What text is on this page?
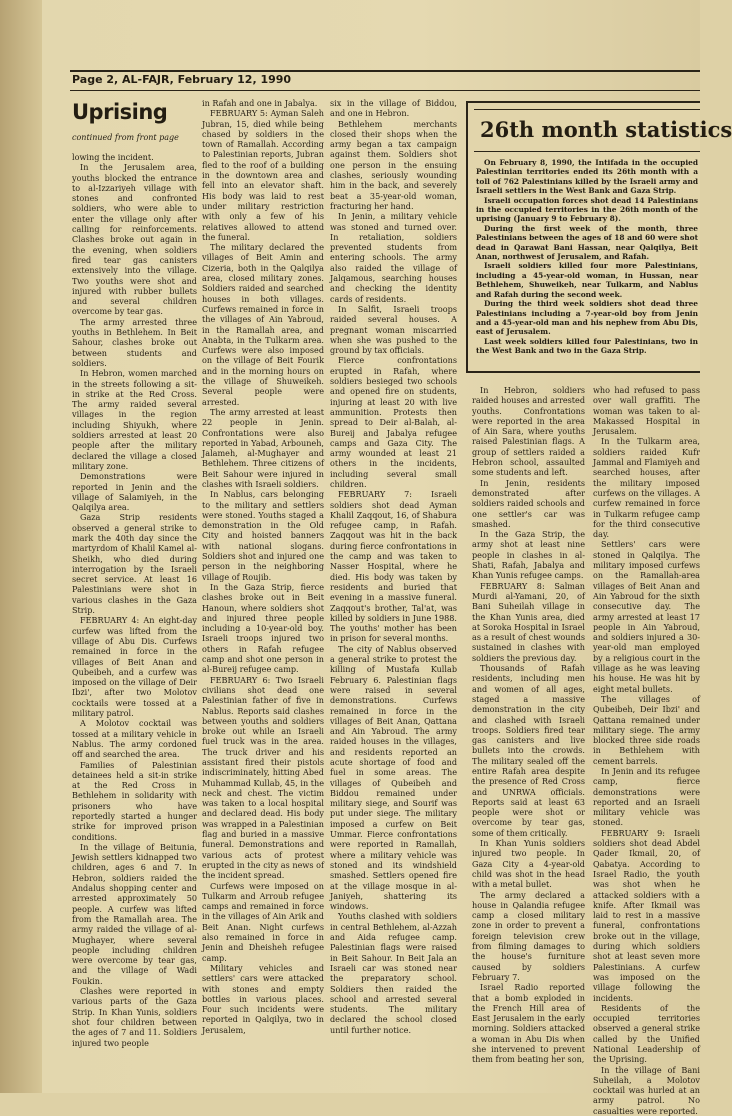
Page 2, AL-FAJR, February 12, 1990
Uprising
continued from front page

lowing the incident.

In the Jerusalem area, youths blocked the entrance to al-Izzariyeh village with stones and confronted soldiers, who were able to enter the village only after calling for reinforcements. Clashes broke out again in the evening, when soldiers fired tear gas canisters extensively into the village. Two youths were shot and injured with rubber bullets and several children overcome by tear gas.

The army arrested three youths in Bethlehem. In Beit Sahour, clashes broke out between students and soldiers.

In Hebron, women marched in the streets following a sit-in strike at the Red Cross. The army raided several villages in the region including Shiyukh, where soldiers arrested at least 20 people after the military declared the village a closed military zone.

Demonstrations were reported in Jenin and the village of Salamiyeh, in the Qalqilya area.

Gaza Strip residents observed a general strike to mark the 40th day since the martyrdom of Khalil Kamel al-Sheikh, who died during interrogation by the Israeli secret service. At least 16 Palestinians were shot in various clashes in the Gaza Strip.

FEBRUARY 4: An eight-day curfew was lifted from the village of Abu Dis. Curfews remained in force in the villages of Beit Anan and Qubeibeh, and a curfew was imposed on the village of Deir Ibzi', after two Molotov cocktails were tossed at a military patrol.

A Molotov cocktail was tossed at a military vehicle in Nablus. The army cordoned off and searched the area.

Families of Palestinian detainees held a sit-in strike at the Red Cross in Bethlehem in solidarity with prisoners who have reportedly started a hunger strike for improved prison conditions.

In the village of Beitunia, Jewish settlers kidnapped two children, ages 6 and 7. In Hebron, soldiers raided the Andalus shopping center and arrested approximately 50 people. A curfew was lifted from the Ramallah area. The army raided the village of al-Mughayer, where several people including children were overcome by tear gas, and the village of Wadi Foukin.

Clashes were reported in various parts of the Gaza Strip. In Khan Yunis, soldiers shot four children between the ages of 7 and 11. Soldiers injured two people

in Rafah and one in Jabalya.

FEBRUARY 5: Ayman Saleh Jubran, 15, died while being chased by soldiers in the town of Ramallah. According to Palestinian reports, Jubran fled to the roof of a building in the downtown area and fell into an elevator shaft. His body was laid to rest under military restriction with only a few of his relatives allowed to attend the funeral.

The military declared the villages of Beit Amin and Cizeria, both in the Qalqilya area, closed military zones. Soldiers raided and searched houses in both villages. Curfews remained in force in the villages of Ain Yabroud, in the Ramallah area, and Anabta, in the Tulkarm area. Curfews were also imposed on the village of Beit Fourik and in the morning hours on the village of Shuweikeh. Several people were arrested.

The army arrested at least 22 people in Jenin. Confrontations were also reported in Yabad, Arbouneh, Jalameh, al-Mughayer and Bethlehem. Three citizens of Beit Sahour were injured in clashes with Israeli soldiers.

In Nablus, cars belonging to the military and settlers were stoned. Youths staged a demonstration in the Old City and hoisted banners with national slogans. Soldiers shot and injured one person in the neighboring village of Roujib.

In the Gaza Strip, fierce clashes broke out in Beit Hanoun, where soldiers shot and injured three people including a 10-year-old boy. Israeli troops injured two others in Rafah refugee camp and shot one person in al-Bureij refugee camp.

FEBRUARY 6: Two Israeli civilians shot dead one Palestinian father of five in Nablus. Reports said clashes between youths and soldiers broke out while an Israeli fuel truck was in the area. The truck driver and his assistant fired their pistols indiscriminately, hitting Abed Muhammad Kullab, 45, in the neck and chest. The victim was taken to a local hospital and declared dead. His body was wrapped in a Palestinian flag and buried in a massive funeral. Demonstrations and various acts of protest erupted in the city as news of the incident spread.

Curfews were imposed on Tulkarm and Arroub refugee camps and remained in force in the villages of Ain Arik and Beit Anan. Night curfews also remained in force in Jenin and Dheisheh refugee camp.

Military vehicles and settlers' cars were attacked with stones and empty bottles in various places. Four such incidents were reported in Qalqilya, two in Jerusalem,

six in the village of Biddou, and one in Hebron.

Bethlehem merchants closed their shops when the army began a tax campaign against them. Soldiers shot one person in the ensuing clashes, seriously wounding him in the back, and severely beat a 35-year-old woman, fracturing her hand.

In Jenin, a military vehicle was stoned and turned over. In retaliation, soldiers prevented students from entering schools. The army also raided the village of Jalqamous, searching houses and checking the identity cards of residents.

In Salfit, Israeli troops raided several houses. A pregnant woman miscarried when she was pushed to the ground by tax officials.

Fierce confrontations erupted in Rafah, where soldiers besieged two schools and opened fire on students, injuring at least 20 with live ammunition. Protests then spread to Deir al-Balah, al-Bureij and Jabalya refugee camps and Gaza City. The army wounded at least 21 others in the incidents, including several small children.

FEBRUARY 7: Israeli soldiers shot dead Ayman Khalil Zaqqout, 16, of Shabura refugee camp, in Rafah. Zaqqout was hit in the back during fierce confrontations in the camp and was taken to Nasser Hospital, where he died. His body was taken by residents and buried that evening in a massive funeral. Zaqqout's brother, Tal'at, was killed by soldiers in June 1988. The youths' mother has been in prison for several months.

The city of Nablus observed a general strike to protest the killing of Mustafa Kullab February 6. Palestinian flags were raised in several demonstrations. Curfews remained in force in the villages of Beit Anan, Qattana and Ain Yabroud. The army raided houses in the villages, and residents reported an acute shortage of food and fuel in some areas. The villages of Qubeibeh and Biddou remained under military siege, and Sourif was put under siege. The military imposed a curfew on Beit Ummar. Fierce confrontations were reported in Ramallah, where a military vehicle was stoned and its windshield smashed. Settlers opened fire at the village mosque in al-Janiyeh, shattering its windows.

Youths clashed with soldiers in central Bethlehem, al-Azzah and Aida refugee camp. Palestinian flags were raised in Beit Sahour. In Beit Jala an Israeli car was stoned near the preparatory school. Soldiers then raided the school and arrested several students. The military declared the school closed until further notice.

26th month statistics

On February 8, 1990, the Intifada in the occupied Palestinian territories ended its 26th month with a toll of 762 Palestinians killed by the Israeli army and Israeli settlers in the West Bank and Gaza Strip.

Israeli occupation forces shot dead 14 Palestinians in the occupied territories in the 26th month of the uprising (January 9 to February 8).

During the first week of the month, three Palestinians between the ages of 18 and 60 were shot dead in Qarawat Bani Hassan, near Qalqilya, Beit Anan, northwest of Jerusalem, and Rafah.

Israeli soldiers killed four more Palestinians, including a 45-year-old woman, in Hussan, near Bethlehem, Shuweikeh, near Tulkarm, and Nablus and Rafah during the second week.

During the third week soldiers shot dead three Palestinians including a 7-year-old boy from Jenin and a 45-year-old man and his nephew from Abu Dis, east of Jerusalem.

Last week soldiers killed four Palestinians, two in the West Bank and two in the Gaza Strip.

In Hebron, soldiers raided houses and arrested youths. Confrontations were reported in the area of Ain Sara, where youths raised Palestinian flags. A group of settlers raided a Hebron school, assaulted some students and left.

In Jenin, residents demonstrated after soldiers raided schools and one settler's car was smashed.

In the Gaza Strip, the army shot at least nine people in clashes in al-Shati, Rafah, Jabalya and Khan Yunis refugee camps.

FEBRUARY 8: Salman Murdi al-Yamani, 20, of Bani Suheilah village in the Khan Yunis area, died at Soroka Hospital in Israel as a result of chest wounds sustained in clashes with soldiers the previous day.

Thousands of Rafah residents, including men and women of all ages, staged a massive demonstration in the city and clashed with Israeli troops. Soldiers fired tear gas canisters and live bullets into the crowds. The military sealed off the entire Rafah area despite the presence of Red Cross and UNRWA officials. Reports said at least 63 people were shot or overcome by tear gas, some of them critically.

In Khan Yunis soldiers injured two people. In Gaza City a 4-year-old child was shot in the head with a metal bullet.

The army declared a house in Qalandia refugee camp a closed military zone in order to prevent a foreign television crew from filming damages to the house's furniture caused by soldiers February 7.

Israel Radio reported that a bomb exploded in the French Hill area of East Jerusalem in the early morning. Soldiers attacked a woman in Abu Dis when she intervened to prevent them from beating her son,

who had refused to pass over wall graffiti. The woman was taken to al-Makassed Hospital in Jerusalem.

In the Tulkarm area, soldiers raided Kufr Jammal and Flamiyeh and searched houses, after the military imposed curfews on the villages. A curfew remained in force in Tulkarm refugee camp for the third consecutive day.

Settlers' cars were stoned in Qalqilya. The military imposed curfews on the Ramallah-area villages of Beit Anan and Ain Yabroud for the sixth consecutive day. The army arrested at least 17 people in Ain Yabroud, and soldiers injured a 30-year-old man employed by a religious court in the village as he was leaving his house. He was hit by eight metal bullets.

The villages of Qubeibeh, Deir Ibzi' and Qattana remained under military siege. The army blocked three side roads in Bethlehem with cement barrels.

In Jenin and its refugee camp, fierce demonstrations were reported and an Israeli military vehicle was stoned.

FEBRUARY 9: Israeli soldiers shot dead Abdel Qader Ikmail, 20, of Qabatya. According to Israel Radio, the youth was shot when he attacked soldiers with a knife. After Ikmail was laid to rest in a massive funeral, confrontations broke out in the village, during which soldiers shot at least seven more Palestinians. A curfew was imposed on the village following the incidents.

Residents of the occupied territories observed a general strike called by the Unified National Leadership of the Uprising.

In the village of Bani Suheilah, a Molotov cocktail was hurled at an army patrol. No casualties were reported.
